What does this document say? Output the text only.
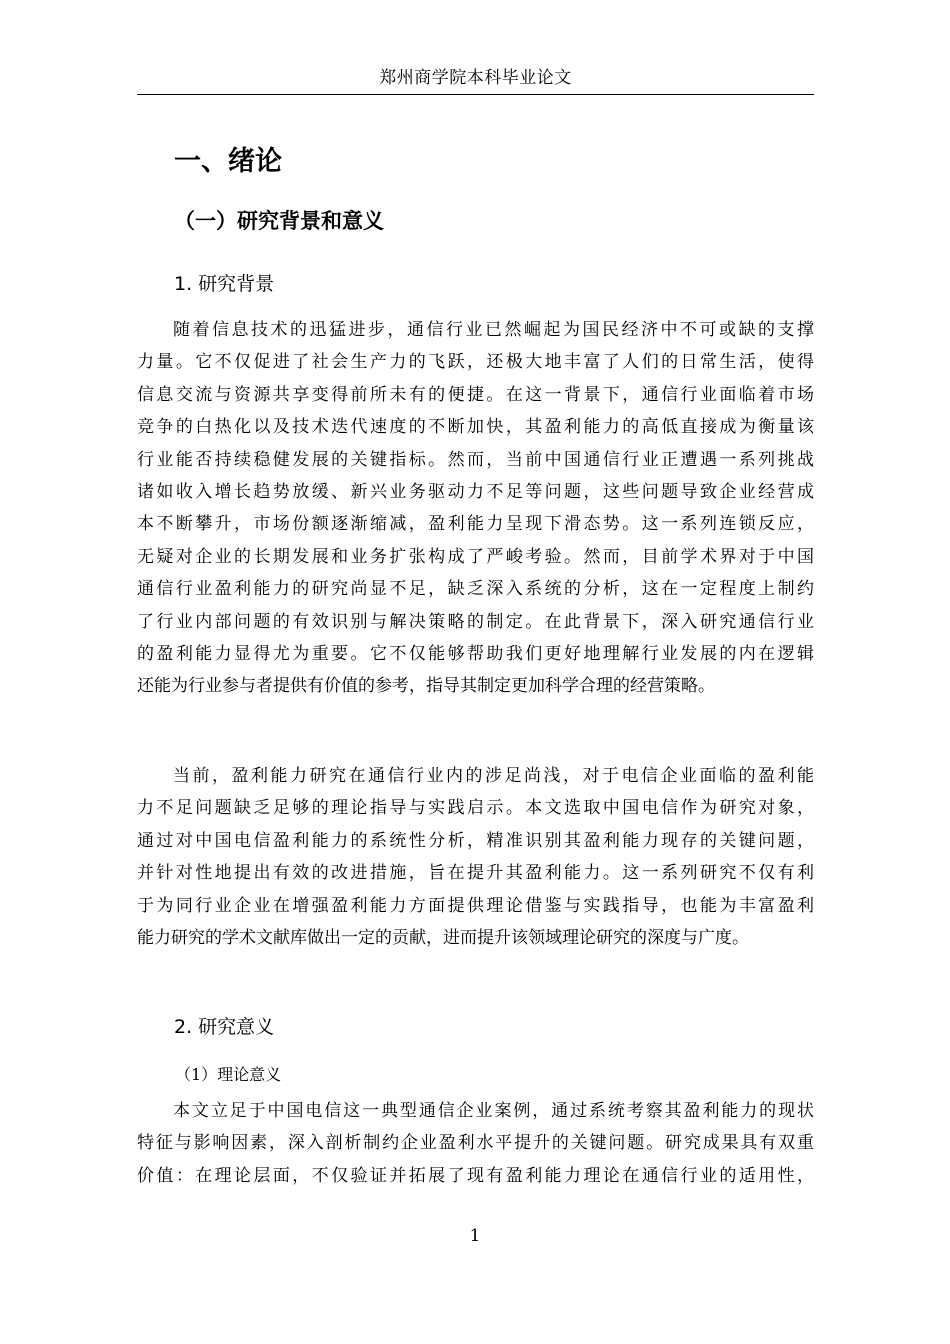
郑州商学院本科毕业论文
一、绪论
（一）研究背景和意义
1. 研究背景
随着信息技术的迅猛进步，通信行业已然崛起为国民经济中不可或缺的支撑
力量。它不仅促进了社会生产力的飞跃，还极大地丰富了人们的日常生活，使得
信息交流与资源共享变得前所未有的便捷。在这一背景下，通信行业面临着市场
竞争的白热化以及技术迭代速度的不断加快，其盈利能力的高低直接成为衡量该
行业能否持续稳健发展的关键指标。然而，当前中国通信行业正遭遇一系列挑战
诸如收入增长趋势放缓、新兴业务驱动力不足等问题，这些问题导致企业经营成
本不断攀升，市场份额逐渐缩减，盈利能力呈现下滑态势。这一系列连锁反应，
无疑对企业的长期发展和业务扩张构成了严峻考验。然而，目前学术界对于中国
通信行业盈利能力的研究尚显不足，缺乏深入系统的分析，这在一定程度上制约
了行业内部问题的有效识别与解决策略的制定。在此背景下，深入研究通信行业
的盈利能力显得尤为重要。它不仅能够帮助我们更好地理解行业发展的内在逻辑
还能为行业参与者提供有价值的参考，指导其制定更加科学合理的经营策略。
当前，盈利能力研究在通信行业内的涉足尚浅，对于电信企业面临的盈利能
力不足问题缺乏足够的理论指导与实践启示。本文选取中国电信作为研究对象，
通过对中国电信盈利能力的系统性分析，精准识别其盈利能力现存的关键问题，
并针对性地提出有效的改进措施，旨在提升其盈利能力。这一系列研究不仅有利
于为同行业企业在增强盈利能力方面提供理论借鉴与实践指导，也能为丰富盈利
能力研究的学术文献库做出一定的贡献，进而提升该领域理论研究的深度与广度。
2. 研究意义
（1）理论意义
本文立足于中国电信这一典型通信企业案例，通过系统考察其盈利能力的现状
特征与影响因素，深入剖析制约企业盈利水平提升的关键问题。研究成果具有双重
价值：在理论层面，不仅验证并拓展了现有盈利能力理论在通信行业的适用性，
1
